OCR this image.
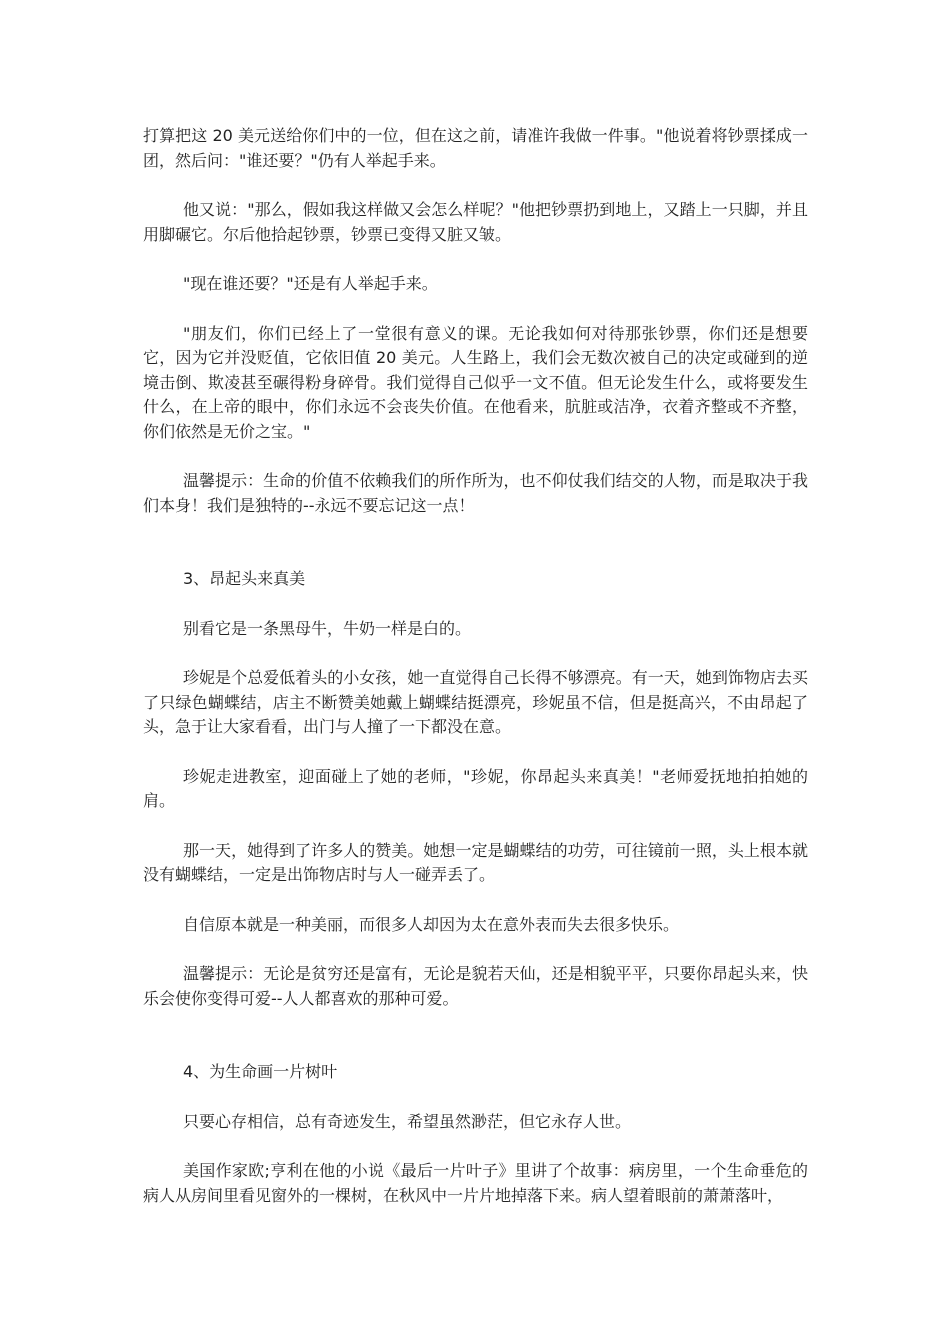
打算把这 20 美元送给你们中的一位，但在这之前，请准许我做一件事。"他说着将钞票揉成一团，然后问："谁还要？"仍有人举起手来。

他又说："那么，假如我这样做又会怎么样呢？"他把钞票扔到地上，又踏上一只脚，并且用脚碾它。尔后他拾起钞票，钞票已变得又脏又皱。

"现在谁还要？"还是有人举起手来。

"朋友们，你们已经上了一堂很有意义的课。无论我如何对待那张钞票，你们还是想要它，因为它并没贬值，它依旧值 20 美元。人生路上，我们会无数次被自己的决定或碰到的逆境击倒、欺凌甚至碾得粉身碎骨。我们觉得自己似乎一文不值。但无论发生什么，或将要发生什么，在上帝的眼中，你们永远不会丧失价值。在他看来，肮脏或洁净，衣着齐整或不齐整，你们依然是无价之宝。"

温馨提示：生命的价值不依赖我们的所作所为，也不仰仗我们结交的人物，而是取决于我们本身！我们是独特的--永远不要忘记这一点！

3、昂起头来真美

别看它是一条黑母牛，牛奶一样是白的。

珍妮是个总爱低着头的小女孩，她一直觉得自己长得不够漂亮。有一天，她到饰物店去买了只绿色蝴蝶结，店主不断赞美她戴上蝴蝶结挺漂亮，珍妮虽不信，但是挺高兴，不由昂起了头，急于让大家看看，出门与人撞了一下都没在意。

珍妮走进教室，迎面碰上了她的老师，"珍妮，你昂起头来真美！"老师爱抚地拍拍她的肩。

那一天，她得到了许多人的赞美。她想一定是蝴蝶结的功劳，可往镜前一照，头上根本就没有蝴蝶结，一定是出饰物店时与人一碰弄丢了。

自信原本就是一种美丽，而很多人却因为太在意外表而失去很多快乐。

温馨提示：无论是贫穷还是富有，无论是貌若天仙，还是相貌平平，只要你昂起头来，快乐会使你变得可爱--人人都喜欢的那种可爱。

4、为生命画一片树叶

只要心存相信，总有奇迹发生，希望虽然渺茫，但它永存人世。

美国作家欧;亨利在他的小说《最后一片叶子》里讲了个故事：病房里，一个生命垂危的病人从房间里看见窗外的一棵树，在秋风中一片片地掉落下来。病人望着眼前的萧萧落叶，
